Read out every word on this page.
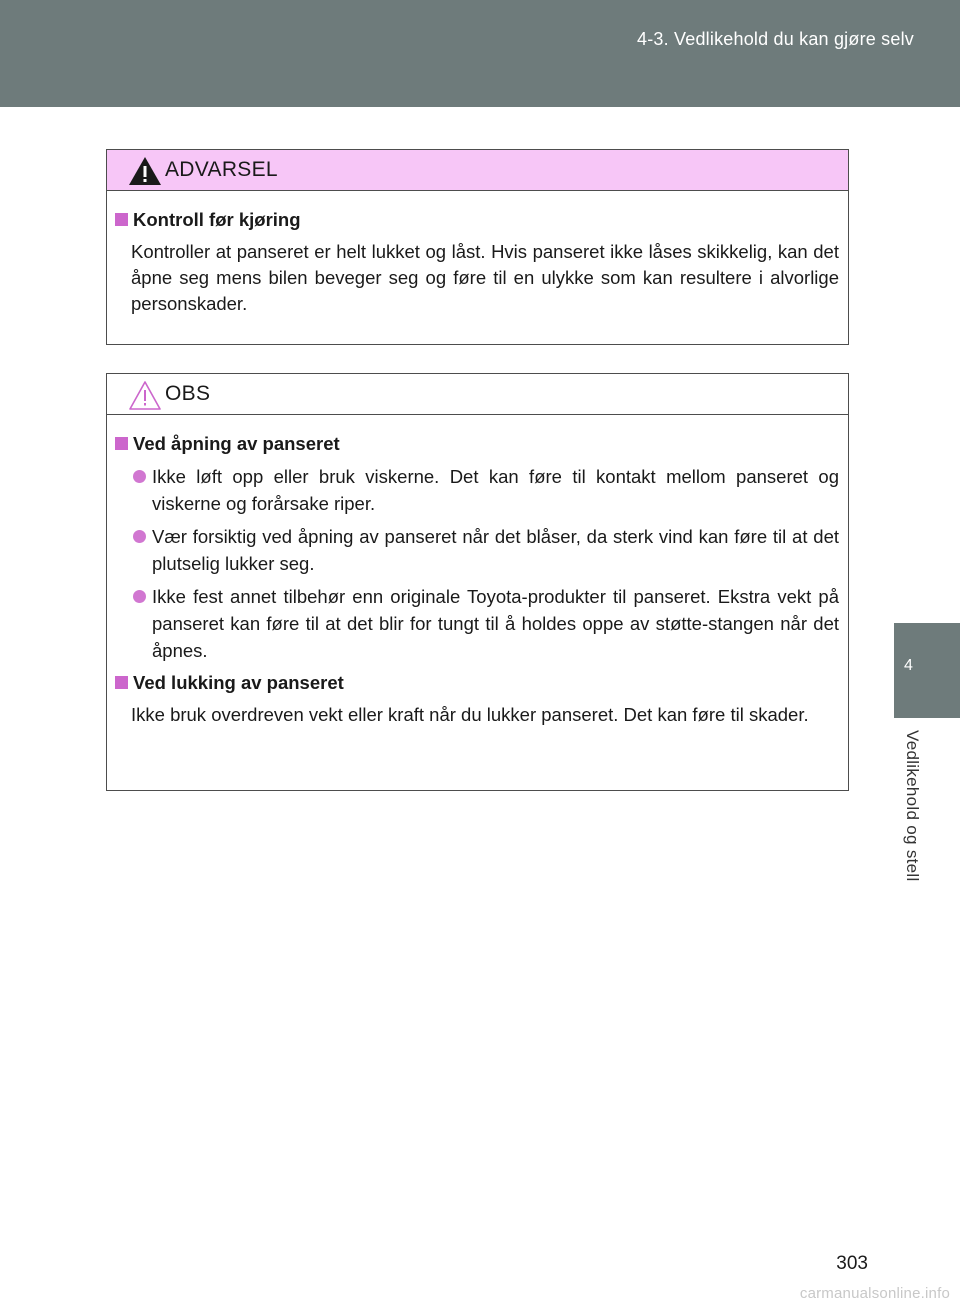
4-3. Vedlikehold du kan gjøre selv
4
Vedlikehold og stell
ADVARSEL
Kontroll før kjøring
Kontroller at panseret er helt lukket og låst. Hvis panseret ikke låses skikkelig, kan det åpne seg mens bilen beveger seg og føre til en ulykke som kan resultere i alvorlige personskader.
OBS
Ved åpning av panseret
Ikke løft opp eller bruk viskerne. Det kan føre til kontakt mellom panseret og viskerne og forårsake riper.
Vær forsiktig ved åpning av panseret når det blåser, da sterk vind kan føre til at det plutselig lukker seg.
Ikke fest annet tilbehør enn originale Toyota-produkter til panseret. Ekstra vekt på panseret kan føre til at det blir for tungt til å holdes oppe av støtte-stangen når det åpnes.
Ved lukking av panseret
Ikke bruk overdreven vekt eller kraft når du lukker panseret. Det kan føre til skader.
303
carmanualsonline.info
